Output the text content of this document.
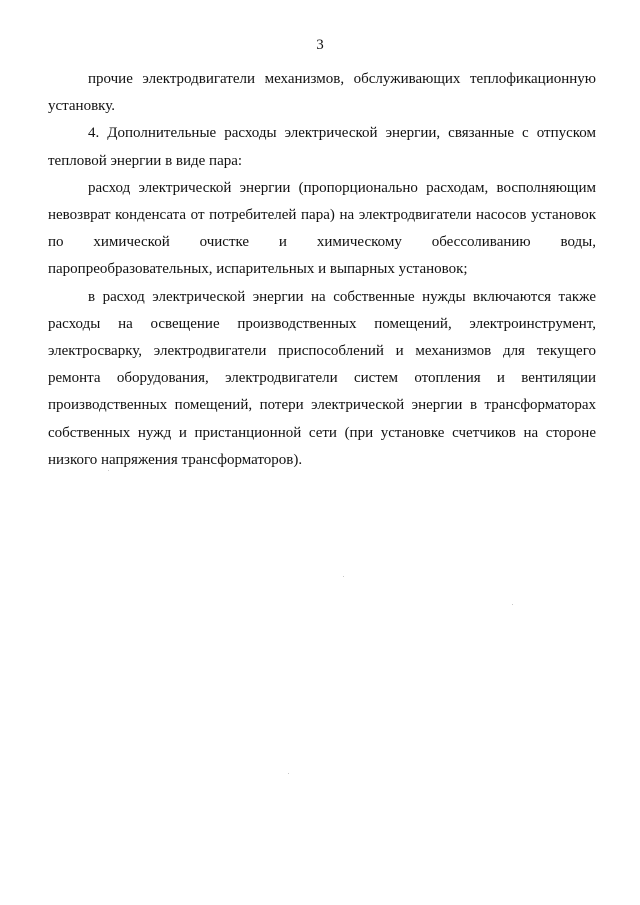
3

прочие электродвигатели механизмов, обслуживающих теплофикационную установку.

4. Дополнительные расходы электрической энергии, связанные с отпуском тепловой энергии в виде пара:

расход электрической энергии (пропорционально расходам, восполняющим невозврат конденсата от потребителей пара) на электродвигатели насосов установок по химической очистке и химическому обессоливанию воды, паропреобразовательных, испарительных и выпарных установок;

в расход электрической энергии на собственные нужды включаются также расходы на освещение производственных помещений, электроинструмент, электросварку, электродвигатели приспособлений и механизмов для текущего ремонта оборудования, электродвигатели систем отопления и вентиляции производственных помещений, потери электрической энергии в трансформаторах собственных нужд и пристанционной сети (при установке счетчиков на стороне низкого напряжения трансформаторов).
